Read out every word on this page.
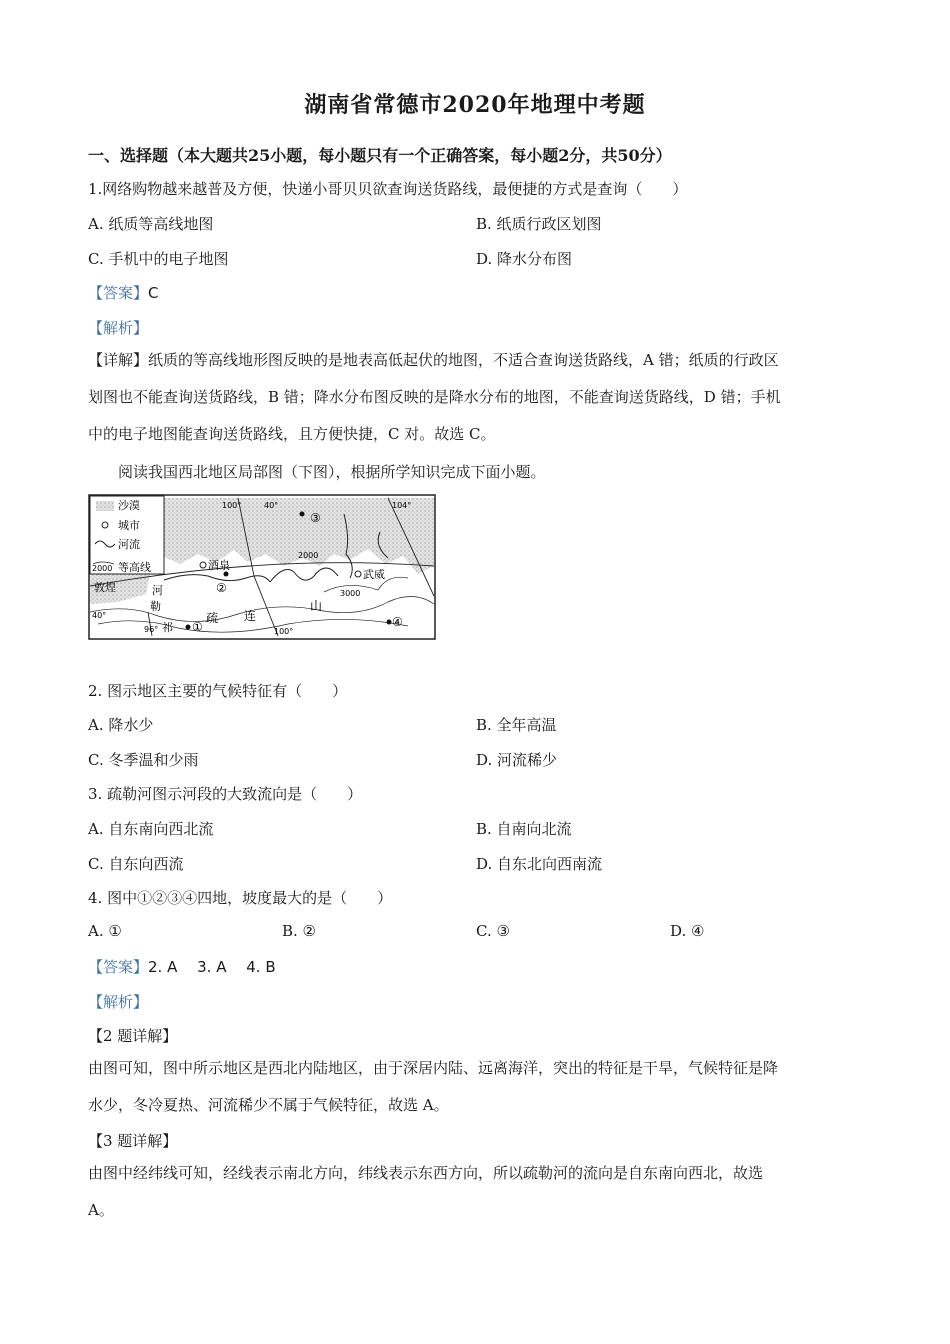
湖南省常德市2020年地理中考题
一、选择题（本大题共25小题，每小题只有一个正确答案，每小题2分，共50分）
1.网络购物越来越普及方便，快递小哥贝贝欲查询送货路线，最便捷的方式是查询（　　）
A. 纸质等高线地图	B. 纸质行政区划图
C. 手机中的电子地图	D. 降水分布图
【答案】C
【解析】
【详解】纸质的等高线地形图反映的是地表高低起伏的地图，不适合查询送货路线，A 错；纸质的行政区
划图也不能查询送货路线，B 错；降水分布图反映的是降水分布的地图，不能查询送货路线，D 错；手机
中的电子地图能查询送货路线，且方便快捷，C 对。故选 C。
阅读我国西北地区局部图（下图），根据所学知识完成下面小题。
沙漠
城市
河流
2000 等高线	酒泉
武威
敦煌	河
勒
疏 连
山
祁
100°	40°	104°
96°	100°
40°
2000
3000
①
②
③
④
2. 图示地区主要的气候特征有（　　）
A. 降水少	B. 全年高温
C. 冬季温和少雨	D. 河流稀少
3. 疏勒河图示河段的大致流向是（　　）
A. 自东南向西北流	B. 自南向北流
C. 自东向西流	D. 自东北向西南流
4. 图中①②③④四地，坡度最大的是（　　）
A. ①	B. ②	C. ③	D. ④
【答案】2. A　 3. A　 4. B
【解析】
【2 题详解】
由图可知，图中所示地区是西北内陆地区，由于深居内陆、远离海洋，突出的特征是干旱，气候特征是降
水少，冬冷夏热、河流稀少不属于气候特征，故选 A。
【3 题详解】
由图中经纬线可知，经线表示南北方向，纬线表示东西方向，所以疏勒河的流向是自东南向西北，故选
A。
